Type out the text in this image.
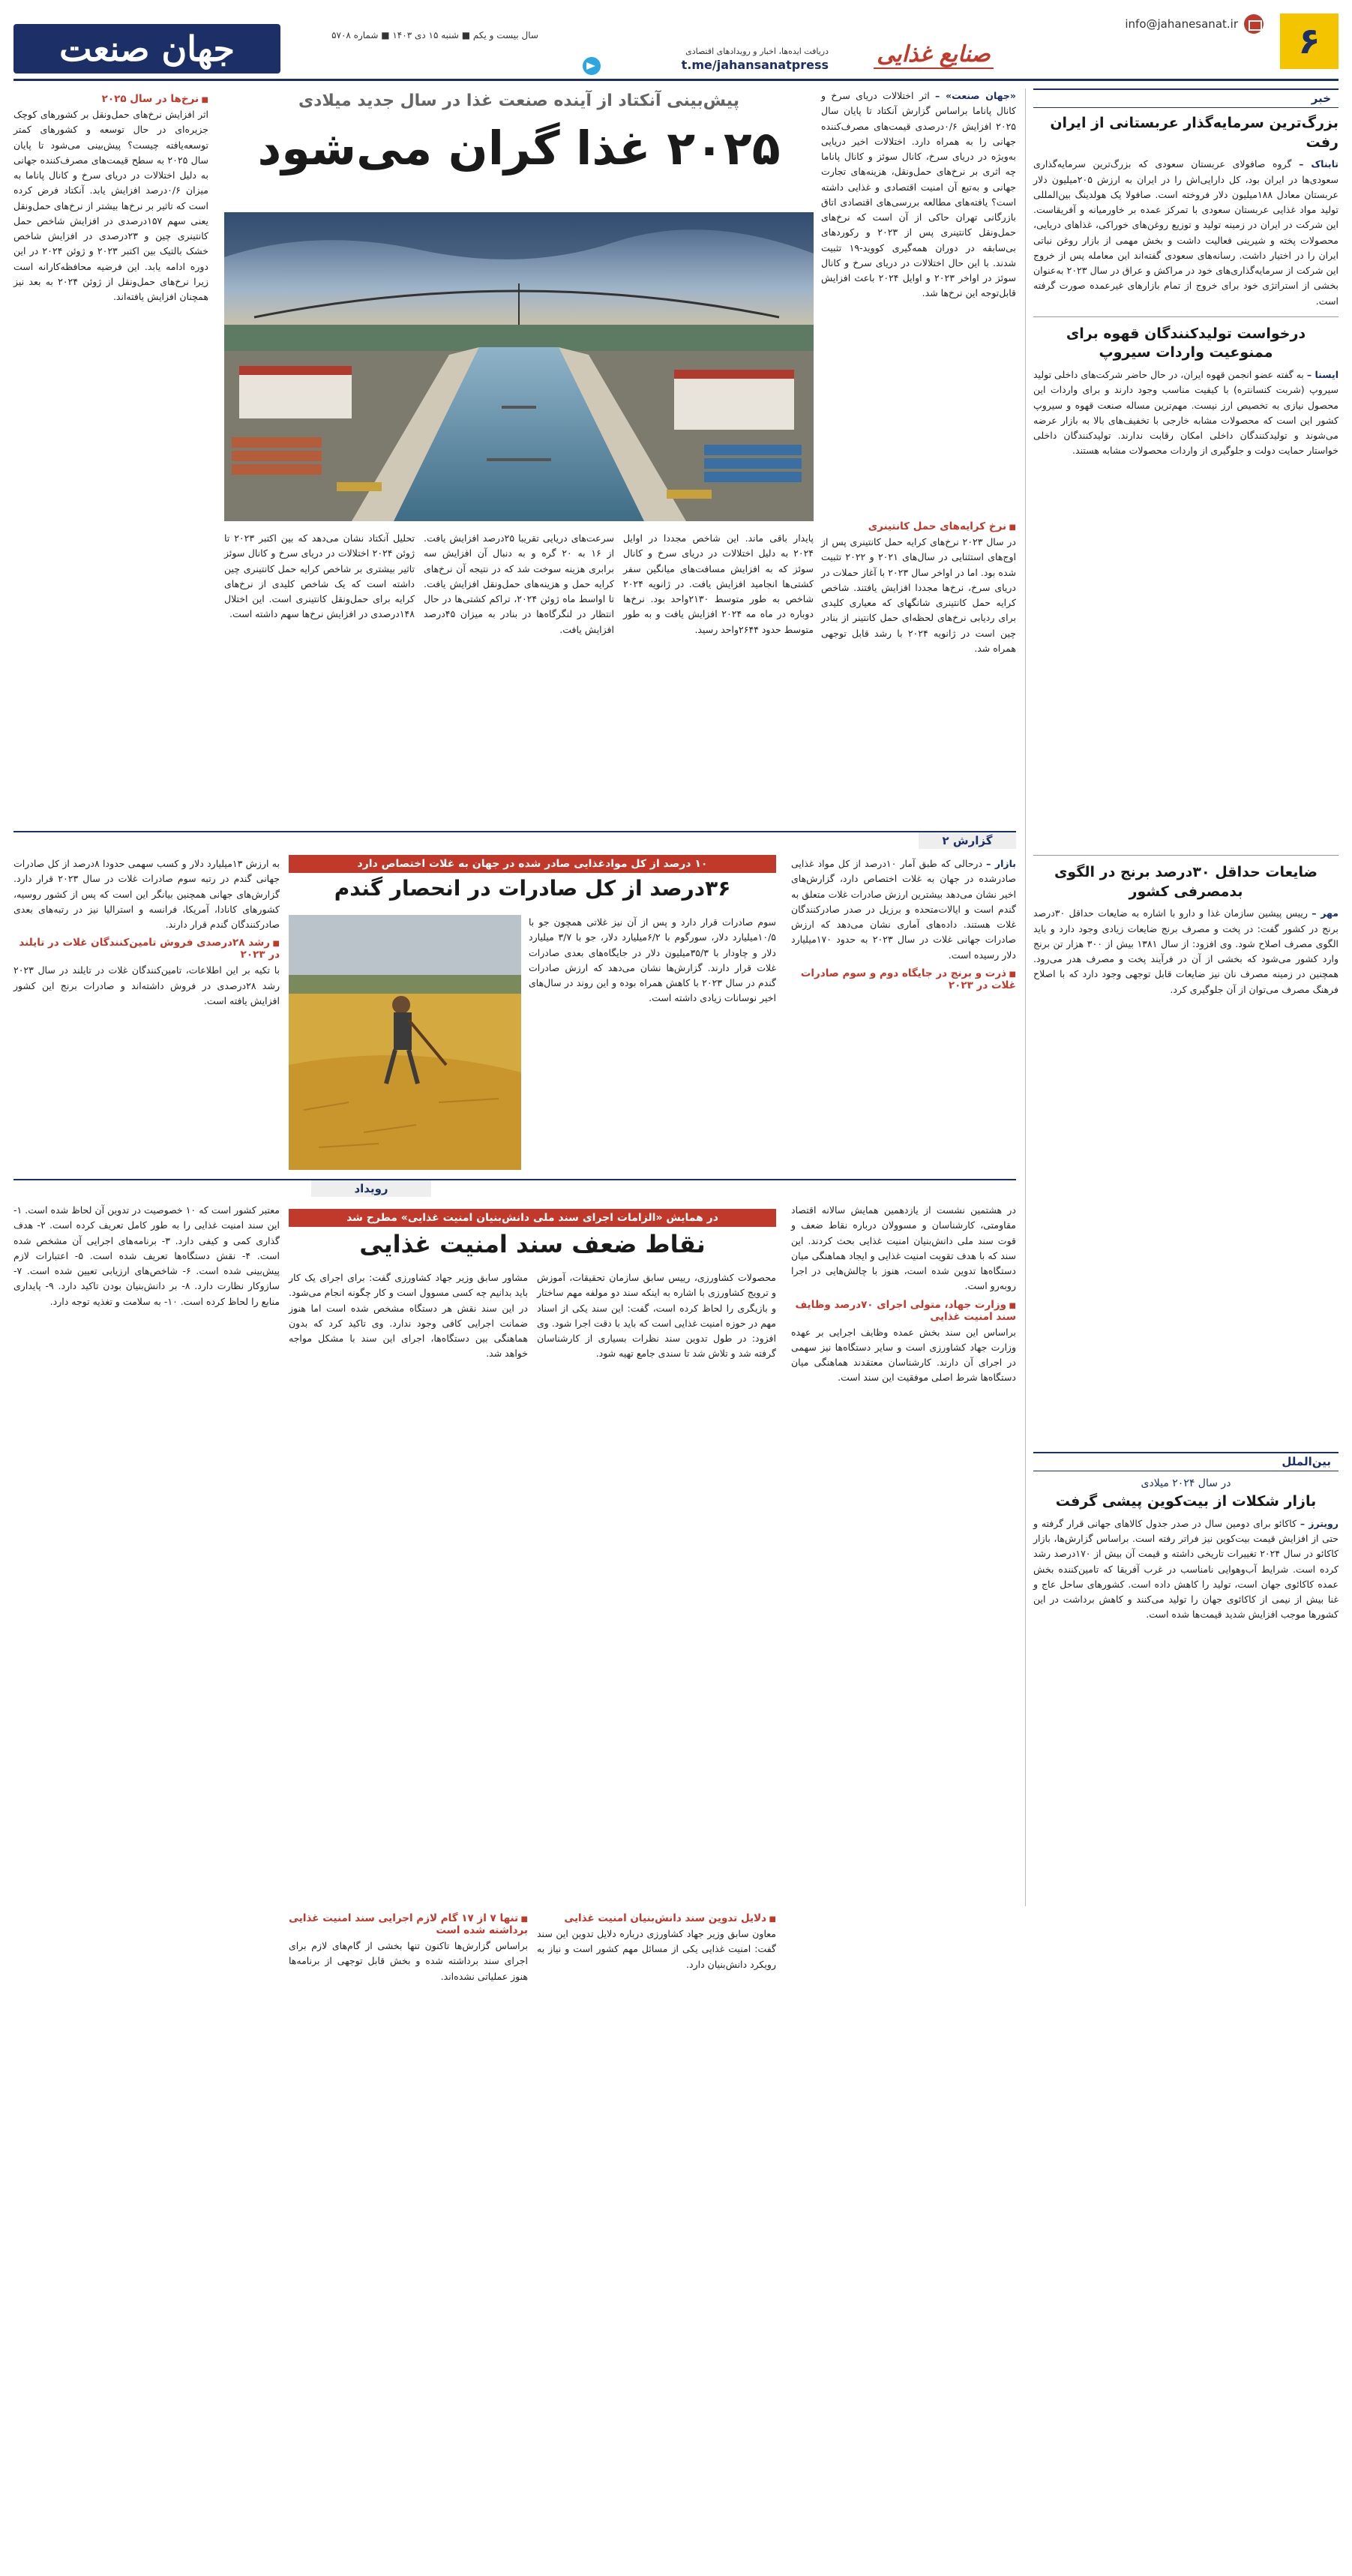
۶
info@jahanesanat.ir
صنایع غذایی
دریافت ایده‌ها، اخبار و رویدادهای اقتصادی
t.me/jahansanatpress
سال بیست و یکم ■ شنبه ۱۵ دی ۱۴۰۳ ■ شماره ۵۷۰۸
جهان صنعت
خبر
بزرگ‌ترین سرمایه‌گذار عربستانی از ایران رفت
تابناک – گروه صافولای عربستان سعودی که بزرگ‌ترین سرمایه‌گذاری سعودی‌ها در ایران بود، کل دارایی‌اش را در ایران به ارزش ۲۰۵میلیون دلار عربستان معادل ۱۸۸میلیون دلار فروخته است. صافولا یک هولدینگ بین‌المللی تولید مواد غذایی عربستان سعودی با تمرکز عمده بر خاورمیانه و آفریقاست. این شرکت در ایران در زمینه تولید و توزیع روغن‌های خوراکی، غذاهای دریایی، محصولات پخته و شیرینی فعالیت داشت و بخش مهمی از بازار روغن نباتی ایران را در اختیار داشت. رسانه‌های سعودی گفته‌اند این معامله پس از خروج این شرکت از سرمایه‌گذاری‌های خود در مراکش و عراق در سال ۲۰۲۳ به‌عنوان بخشی از استراتژی خود برای خروج از تمام بازارهای غیرعمده صورت گرفته است.
درخواست تولیدکنندگان قهوه برای ممنوعیت واردات سیروپ
ایسنا – به گفته عضو انجمن قهوه ایران، در حال حاضر شرکت‌های داخلی تولید سیروپ (شربت کنسانتره) با کیفیت مناسب وجود دارند و برای واردات این محصول نیازی به تخصیص ارز نیست. مهم‌ترین مساله صنعت قهوه و سیروپ کشور این است که محصولات مشابه خارجی با تخفیف‌های بالا به بازار عرضه می‌شوند و تولیدکنندگان داخلی امکان رقابت ندارند. تولیدکنندگان داخلی خواستار حمایت دولت و جلوگیری از واردات محصولات مشابه هستند.
ضایعات حداقل ۳۰درصد برنج در الگوی بدمصرفی کشور
مهر – رییس پیشین سازمان غذا و دارو با اشاره به ضایعات حداقل ۳۰درصد برنج در کشور گفت: در پخت و مصرف برنج ضایعات زیادی وجود دارد و باید الگوی مصرف اصلاح شود. وی افزود: از سال ۱۳۸۱ بیش از ۳۰۰ هزار تن برنج وارد کشور می‌شود که بخشی از آن در فرآیند پخت و مصرف هدر می‌رود. همچنین در زمینه مصرف نان نیز ضایعات قابل توجهی وجود دارد که با اصلاح فرهنگ مصرف می‌توان از آن جلوگیری کرد.
بین‌الملل
در سال ۲۰۲۴ میلادی
بازار شکلات از بیت‌کوین پیشی گرفت
رویترز – کاکائو برای دومین سال در صدر جدول کالاهای جهانی قرار گرفته و حتی از افزایش قیمت بیت‌کوین نیز فراتر رفته است. براساس گزارش‌ها، بازار کاکائو در سال ۲۰۲۴ تغییرات تاریخی داشته و قیمت آن بیش از ۱۷۰درصد رشد کرده است. شرایط آب‌وهوایی نامناسب در غرب آفریقا که تامین‌کننده بخش عمده کاکائوی جهان است، تولید را کاهش داده است. کشورهای ساحل عاج و غنا بیش از نیمی از کاکائوی جهان را تولید می‌کنند و کاهش برداشت در این کشورها موجب افزایش شدید قیمت‌ها شده است.
«جهان صنعت» – اثر اختلالات دریای سرخ و کانال پاناما براساس گزارش آنکتاد تا پایان سال ۲۰۲۵ افزایش ۰/۶درصدی قیمت‌های مصرف‌کننده جهانی را به همراه دارد. اختلالات اخیر دریایی به‌ویژه در دریای سرخ، کانال سوئز و کانال پاناما چه اثری بر نرخ‌های حمل‌ونقل، هزینه‌های تجارت جهانی و به‌تبع آن امنیت اقتصادی و غذایی داشته است؟ یافته‌های مطالعه بررسی‌های اقتصادی اتاق بازرگانی تهران حاکی از آن است که نرخ‌های حمل‌ونقل کانتینری پس از ۲۰۲۳ و رکوردهای بی‌سابقه در دوران همه‌گیری کووید-۱۹ تثبیت شدند. با این حال اختلالات در دریای سرخ و کانال سوئز در اواخر ۲۰۲۳ و اوایل ۲۰۲۴ باعث افزایش قابل‌توجه این نرخ‌ها شد.
پیش‌بینی آنکتاد از آینده صنعت غذا در سال جدید میلادی
۲۰۲۵ غذا گران می‌شود
پایدار باقی ماند. این شاخص مجددا در اوایل ۲۰۲۴ به دلیل اختلالات در دریای سرخ و کانال سوئز که به افزایش مسافت‌های میانگین سفر کشتی‌ها انجامید افزایش یافت. در ژانویه ۲۰۲۴ شاخص به طور متوسط ۲۱۳۰واحد بود. نرخ‌ها دوباره در ماه مه ۲۰۲۴ افزایش یافت و به طور متوسط حدود ۲۶۴۴واحد رسید.
سرعت‌های دریایی تقریبا ۲۵درصد افزایش یافت. از ۱۶ به ۲۰ گره و به دنبال آن افزایش سه برابری هزینه سوخت شد که در نتیجه آن نرخ‌های کرایه حمل و هزینه‌های حمل‌ونقل افزایش یافت. تا اواسط ماه ژوئن ۲۰۲۴، تراکم کشتی‌ها در حال انتظار در لنگرگاه‌ها در بنادر به میزان ۴۵درصد افزایش یافت.
تحلیل آنکتاد نشان می‌دهد که بین اکتبر ۲۰۲۳ تا ژوئن ۲۰۲۴ اختلالات در دریای سرخ و کانال سوئز تاثیر بیشتری بر شاخص کرایه حمل کانتینری چین داشته است که یک شاخص کلیدی از نرخ‌های کرایه برای حمل‌ونقل کانتینری است. این اختلال ۱۴۸درصدی در افزایش نرخ‌ها سهم داشته است.
■ نرخ کرایه‌های حمل کانتینری
در سال ۲۰۲۳ نرخ‌های کرایه حمل کانتینری پس از اوج‌های استثنایی در سال‌های ۲۰۲۱ و ۲۰۲۲ تثبیت شده بود. اما در اواخر سال ۲۰۲۳ با آغاز حملات در دریای سرخ، نرخ‌ها مجددا افزایش یافتند. شاخص کرایه حمل کانتینری شانگهای که معیاری کلیدی برای ردیابی نرخ‌های لحظه‌ای حمل کانتینر از بنادر چین است در ژانویه ۲۰۲۴ با رشد قابل توجهی همراه شد.
■ نرخ‌ها در سال ۲۰۲۵
اثر افزایش نرخ‌های حمل‌ونقل بر کشورهای کوچک جزیره‌ای در حال توسعه و کشورهای کمتر توسعه‌یافته چیست؟ پیش‌بینی می‌شود تا پایان سال ۲۰۲۵ به سطح قیمت‌های مصرف‌کننده جهانی به دلیل اختلالات در دریای سرخ و کانال پاناما به میزان ۰/۶درصد افزایش یابد. آنکتاد فرض کرده است که تاثیر بر نرخ‌ها بیشتر از نرخ‌های حمل‌ونقل یعنی سهم ۱۵۷درصدی در افزایش شاخص حمل کانتینری چین و ۲۳درصدی در افزایش شاخص خشک بالتیک بین اکتبر ۲۰۲۳ و ژوئن ۲۰۲۴ در این دوره ادامه یابد. این فرضیه محافظه‌کارانه است زیرا نرخ‌های حمل‌ونقل از ژوئن ۲۰۲۴ به بعد نیز همچنان افزایش یافته‌اند.
گزارش ۲
بازار – درحالی که طبق آمار ۱۰درصد از کل مواد غذایی صادرشده در جهان به غلات اختصاص دارد، گزارش‌های اخیر نشان می‌دهد بیشترین ارزش صادرات غلات متعلق به گندم است و ایالات‌متحده و برزیل در صدر صادرکنندگان غلات هستند. داده‌های آماری نشان می‌دهد که ارزش صادرات جهانی غلات در سال ۲۰۲۳ به حدود ۱۷۰میلیارد دلار رسیده است.
■ ذرت و برنج در جایگاه دوم و سوم صادرات غلات در ۲۰۲۳
۱۰ درصد از کل موادغذایی صادر شده در جهان به غلات اختصاص دارد
۳۶درصد از کل صادرات در انحصار گندم
سوم صادرات قرار دارد و پس از آن نیز غلاتی همچون جو با ۱۰/۵میلیارد دلار، سورگوم با ۶/۲میلیارد دلار، جو با ۳/۷ میلیارد دلار و چاودار با ۳۵/۳میلیون دلار در جایگاه‌های بعدی صادرات غلات قرار دارند. گزارش‌ها نشان می‌دهد که ارزش صادرات گندم در سال ۲۰۲۳ با کاهش همراه بوده و این روند در سال‌های اخیر نوسانات زیادی داشته است.
به ارزش ۱۳میلیارد دلار و کسب سهمی حدودا ۸درصد از کل صادرات جهانی گندم در رتبه سوم صادرات غلات در سال ۲۰۲۳ قرار دارد. گزارش‌های جهانی همچنین بیانگر این است که پس از کشور روسیه، کشورهای کانادا، آمریکا، فرانسه و استرالیا نیز در رتبه‌های بعدی صادرکنندگان گندم قرار دارند.
■ رشد ۲۸درصدی فروش تامین‌کنندگان غلات در تایلند در ۲۰۲۳
با تکیه بر این اطلاعات، تامین‌کنندگان غلات در تایلند در سال ۲۰۲۳ رشد ۲۸درصدی در فروش داشته‌اند و صادرات برنج این کشور افزایش یافته است.
رویداد
در هشتمین نشست از یازدهمین همایش سالانه اقتصاد مقاومتی، کارشناسان و مسوولان درباره نقاط ضعف و قوت سند ملی دانش‌بنیان امنیت غذایی بحث کردند. این سند که با هدف تقویت امنیت غذایی و ایجاد هماهنگی میان دستگاه‌ها تدوین شده است، هنوز با چالش‌هایی در اجرا روبه‌رو است.
■ وزارت جهاد، متولی اجرای ۷۰درصد وظایف سند امنیت غذایی
براساس این سند بخش عمده وظایف اجرایی بر عهده وزارت جهاد کشاورزی است و سایر دستگاه‌ها نیز سهمی در اجرای آن دارند. کارشناسان معتقدند هماهنگی میان دستگاه‌ها شرط اصلی موفقیت این سند است.
در همایش «الزامات اجرای سند ملی دانش‌بنیان امنیت غذایی» مطرح شد
نقاط ضعف سند امنیت غذایی
محصولات کشاورزی، رییس سابق سازمان تحقیقات، آموزش و ترویج کشاورزی با اشاره به اینکه سند دو مولفه مهم ساختار و بازیگری را لحاظ کرده است، گفت: این سند یکی از اسناد مهم در حوزه امنیت غذایی است که باید با دقت اجرا شود. وی افزود: در طول تدوین سند نظرات بسیاری از کارشناسان گرفته شد و تلاش شد تا سندی جامع تهیه شود.
■ دلایل تدوین سند دانش‌بنیان امنیت غذایی
معاون سابق وزیر جهاد کشاورزی درباره دلایل تدوین این سند گفت: امنیت غذایی یکی از مسائل مهم کشور است و نیاز به رویکرد دانش‌بنیان دارد.
مشاور سابق وزیر جهاد کشاورزی گفت: برای اجرای یک کار باید بدانیم چه کسی مسوول است و کار چگونه انجام می‌شود. در این سند نقش هر دستگاه مشخص شده است اما هنوز ضمانت اجرایی کافی وجود ندارد. وی تاکید کرد که بدون هماهنگی بین دستگاه‌ها، اجرای این سند با مشکل مواجه خواهد شد.
■ تنها ۷ از ۱۷ گام لازم اجرایی سند امنیت غذایی برداشته شده است
براساس گزارش‌ها تاکنون تنها بخشی از گام‌های لازم برای اجرای سند برداشته شده و بخش قابل توجهی از برنامه‌ها هنوز عملیاتی نشده‌اند.
معتبر کشور است که ۱۰ خصوصیت در تدوین آن لحاظ شده است. ۱- این سند امنیت غذایی را به طور کامل تعریف کرده است. ۲- هدف گذاری کمی و کیفی دارد. ۳- برنامه‌های اجرایی آن مشخص شده است. ۴- نقش دستگاه‌ها تعریف شده است. ۵- اعتبارات لازم پیش‌بینی شده است. ۶- شاخص‌های ارزیابی تعیین شده است. ۷- سازوکار نظارت دارد. ۸- بر دانش‌بنیان بودن تاکید دارد. ۹- پایداری منابع را لحاظ کرده است. ۱۰- به سلامت و تغذیه توجه دارد.
